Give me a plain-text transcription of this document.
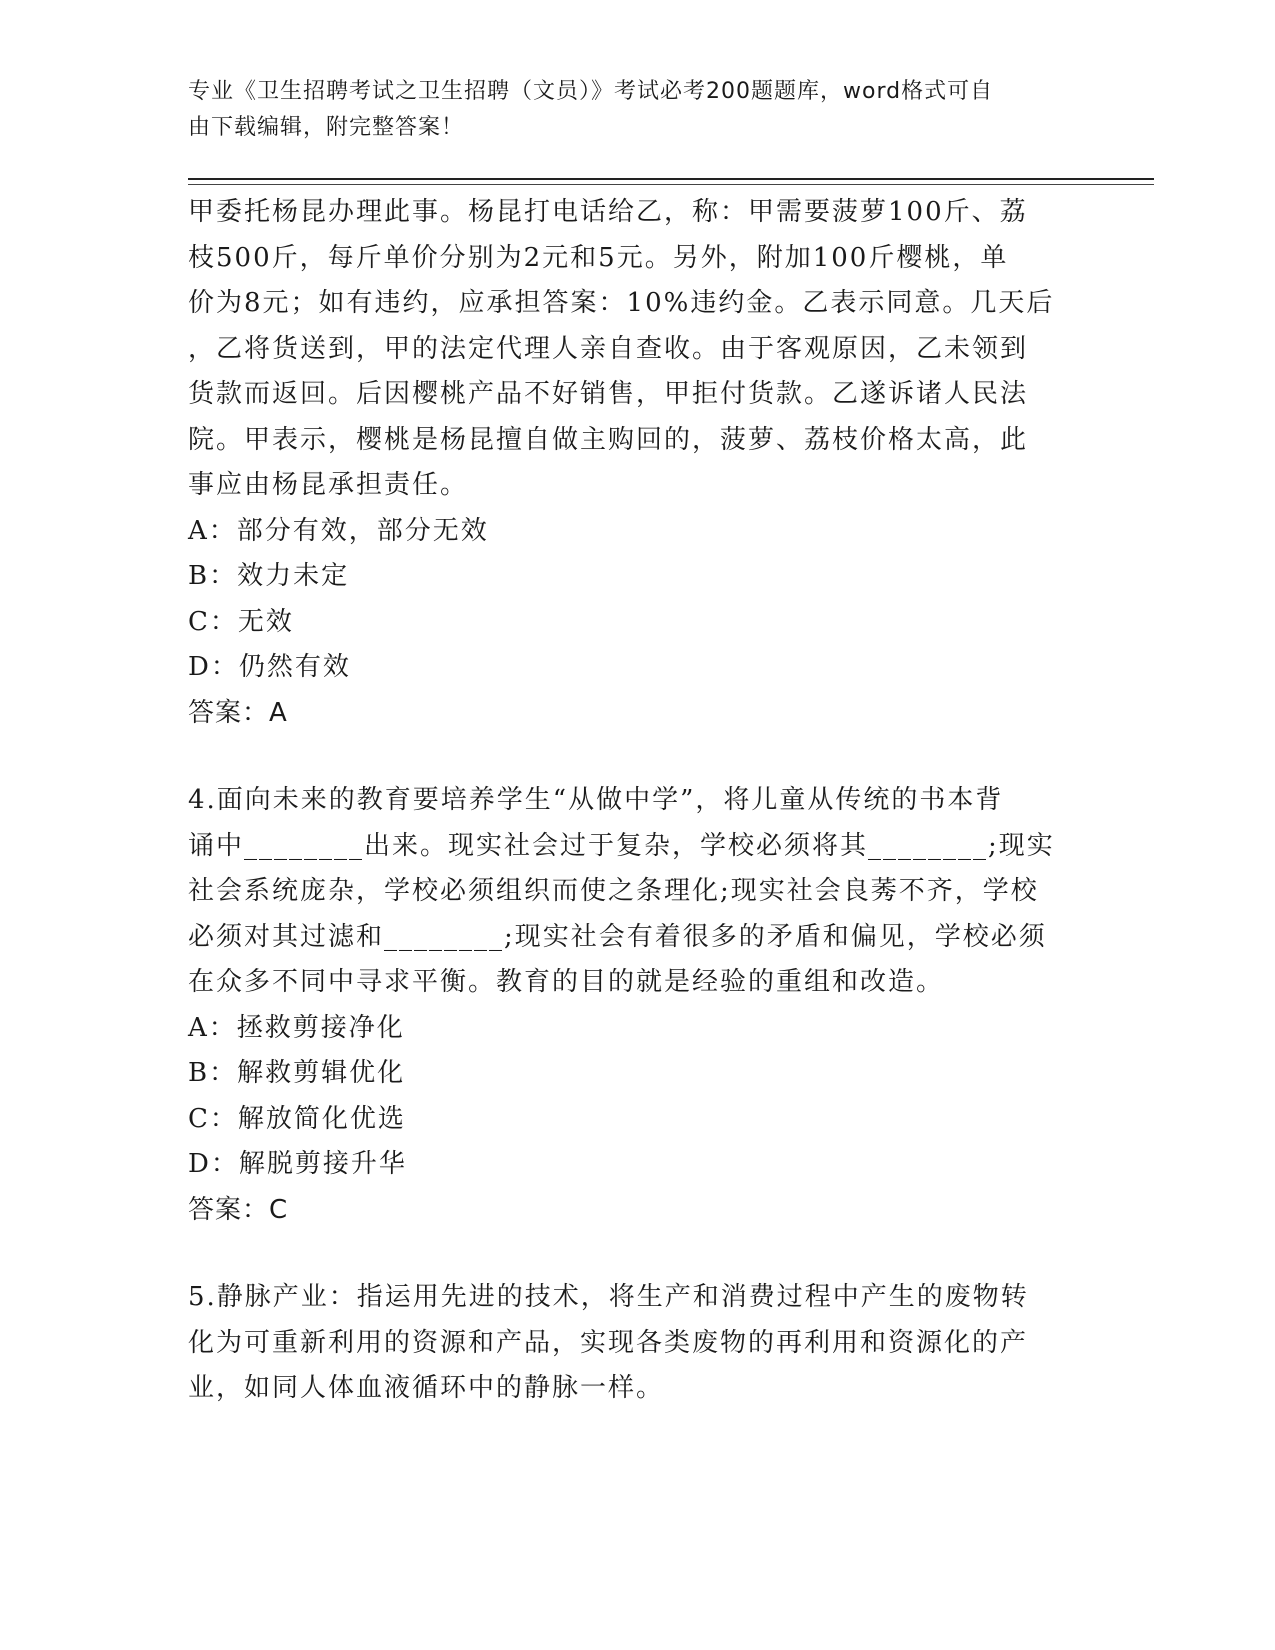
专业《卫生招聘考试之卫生招聘（文员）》考试必考200题题库，word格式可自
由下载编辑，附完整答案！

甲委托杨昆办理此事。杨昆打电话给乙，称：甲需要菠萝100斤、荔

枝500斤，每斤单价分别为2元和5元。另外，附加100斤樱桃，单

价为8元；如有违约，应承担答案：10%违约金。乙表示同意。几天后

，乙将货送到，甲的法定代理人亲自查收。由于客观原因，乙未领到

货款而返回。后因樱桃产品不好销售，甲拒付货款。乙遂诉诸人民法

院。甲表示，樱桃是杨昆擅自做主购回的，菠萝、荔枝价格太高，此

事应由杨昆承担责任。

A：部分有效，部分无效

B：效力未定

C：无效

D：仍然有效

答案：A

4.面向未来的教育要培养学生“从做中学”，将儿童从传统的书本背

诵中________出来。现实社会过于复杂，学校必须将其________;现实

社会系统庞杂，学校必须组织而使之条理化;现实社会良莠不齐，学校

必须对其过滤和________;现实社会有着很多的矛盾和偏见，学校必须

在众多不同中寻求平衡。教育的目的就是经验的重组和改造。

A：拯救剪接净化

B：解救剪辑优化

C：解放简化优选

D：解脱剪接升华

答案：C

5.静脉产业：指运用先进的技术，将生产和消费过程中产生的废物转

化为可重新利用的资源和产品，实现各类废物的再利用和资源化的产

业，如同人体血液循环中的静脉一样。
